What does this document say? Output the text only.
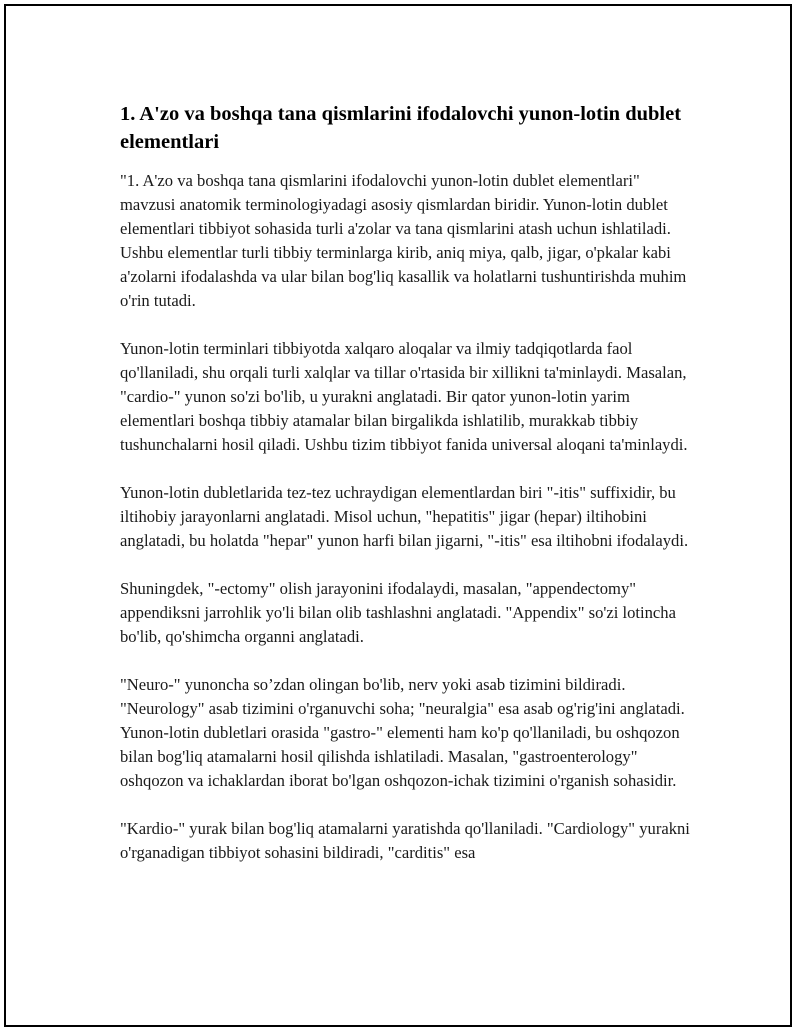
1. A'zo va boshqa tana qismlarini ifodalovchi yunon-lotin dublet elementlari

"1. A'zo va boshqa tana qismlarini ifodalovchi yunon-lotin dublet elementlari" mavzusi anatomik terminologiyadagi asosiy qismlardan biridir. Yunon-lotin dublet elementlari tibbiyot sohasida turli a'zolar va tana qismlarini atash uchun ishlatiladi. Ushbu elementlar turli tibbiy terminlarga kirib, aniq miya, qalb, jigar, o'pkalar kabi a'zolarni ifodalashda va ular bilan bog'liq kasallik va holatlarni tushuntirishda muhim o'rin tutadi.

Yunon-lotin terminlari tibbiyotda xalqaro aloqalar va ilmiy tadqiqotlarda faol qo'llaniladi, shu orqali turli xalqlar va tillar o'rtasida bir xillikni ta'minlaydi. Masalan, "cardio-" yunon so'zi bo'lib, u yurakni anglatadi. Bir qator yunon-lotin yarim elementlari boshqa tibbiy atamalar bilan birgalikda ishlatilib, murakkab tibbiy tushunchalarni hosil qiladi. Ushbu tizim tibbiyot fanida universal aloqani ta'minlaydi.

Yunon-lotin dubletlarida tez-tez uchraydigan elementlardan biri "-itis" suffixidir, bu iltihobiy jarayonlarni anglatadi. Misol uchun, "hepatitis" jigar (hepar) iltihobini anglatadi, bu holatda "hepar" yunon harfi bilan jigarni, "-itis" esa iltihobni ifodalaydi.

Shuningdek, "-ectomy" olish jarayonini ifodalaydi, masalan, "appendectomy" appendiksni jarrohlik yo'li bilan olib tashlashni anglatadi. "Appendix" so'zi lotincha bo'lib, qo'shimcha organni anglatadi.

"Neuro-" yunoncha so’zdan olingan bo'lib, nerv yoki asab tizimini bildiradi. "Neurology" asab tizimini o'rganuvchi soha; "neuralgia" esa asab og'rig'ini anglatadi. Yunon-lotin dubletlari orasida "gastro-" elementi ham ko'p qo'llaniladi, bu oshqozon bilan bog'liq atamalarni hosil qilishda ishlatiladi. Masalan, "gastroenterology" oshqozon va ichaklardan iborat bo'lgan oshqozon-ichak tizimini o'rganish sohasidir.

"Kardio-" yurak bilan bog'liq atamalarni yaratishda qo'llaniladi. "Cardiology" yurakni o'rganadigan tibbiyot sohasini bildiradi, "carditis" esa
